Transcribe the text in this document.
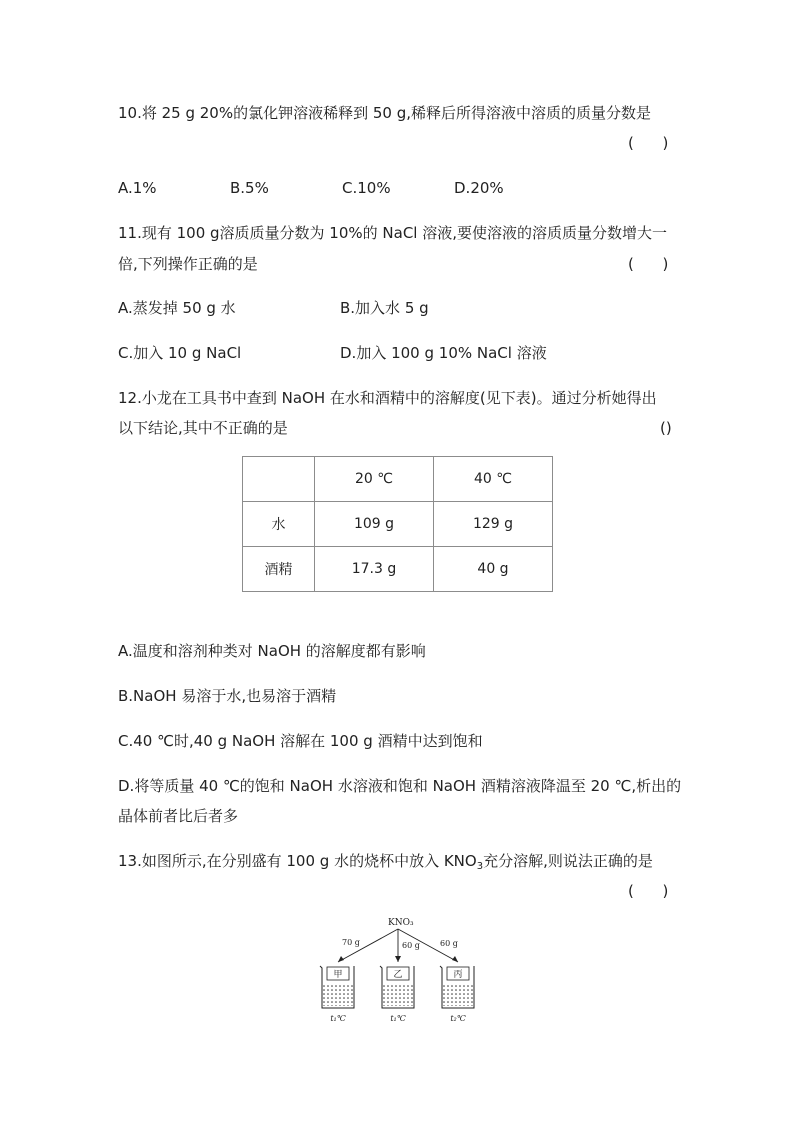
10.将 25 g 20%的氯化钾溶液稀释到 50 g,稀释后所得溶液中溶质的质量分数是
(      )
A.1%	B.5%	C.10%	D.20%
11.现有 100 g溶质质量分数为 10%的 NaCl 溶液,要使溶液的溶质质量分数增大一
倍,下列操作正确的是	(      )
A.蒸发掉 50 g 水	B.加入水 5 g
C.加入 10 g NaCl	D.加入 100 g 10% NaCl 溶液
12.小龙在工具书中查到 NaOH 在水和酒精中的溶解度(见下表)。通过分析她得出
以下结论,其中不正确的是	()
	20 ℃	40 ℃
水	109 g	129 g
酒精	17.3 g	40 g
A.温度和溶剂种类对 NaOH 的溶解度都有影响
B.NaOH 易溶于水,也易溶于酒精
C.40 ℃时,40 g NaOH 溶解在 100 g 酒精中达到饱和
D.将等质量 40 ℃的饱和 NaOH 水溶液和饱和 NaOH 酒精溶液降温至 20 ℃,析出的
晶体前者比后者多
13.如图所示,在分别盛有 100 g 水的烧杯中放入 $KNO_3$充分溶解,则说法正确的是
(      )
KNO₃
70 g	60 g	60 g
甲	乙	丙
t₁℃	t₁℃	t₂℃
